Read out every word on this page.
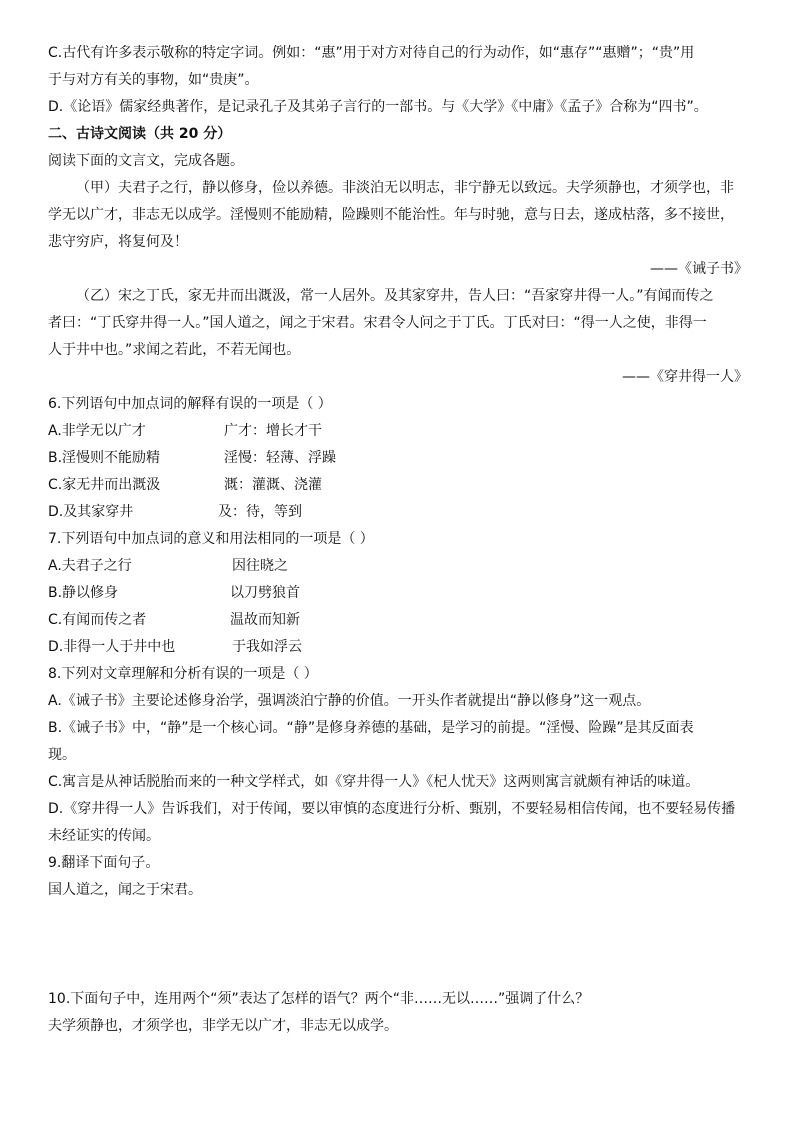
C.古代有许多表示敬称的特定字词。例如：“惠”用于对方对待自己的行为动作，如“惠存”“惠赠”；“贵”用
于与对方有关的事物，如“贵庚”。
D.《论语》儒家经典著作，是记录孔子及其弟子言行的一部书。与《大学》《中庸》《孟子》合称为“四书”。
二、古诗文阅读（共 20 分）
阅读下面的文言文，完成各题。
（甲）夫君子之行，静以修身，俭以养德。非淡泊无以明志，非宁静无以致远。夫学须静也，才须学也，非
学无以广才，非志无以成学。淫慢则不能励精，险躁则不能治性。年与时驰，意与日去，遂成枯落，多不接世，
悲守穷庐，将复何及！
——《诫子书》
（乙）宋之丁氏，家无井而出溉汲，常一人居外。及其家穿井，告人曰：“吾家穿井得一人。”有闻而传之
者曰：“丁氏穿井得一人。”国人道之，闻之于宋君。宋君令人问之于丁氏。丁氏对曰：“得一人之使，非得一
人于井中也。”求闻之若此，不若无闻也。
——《穿井得一人》
6.下列语句中加点词的解释有误的一项是（ ）
A.非学无以广才	广才：增长才干
B.淫慢则不能励精	淫慢：轻薄、浮躁
C.家无井而出溉汲	溉：灌溉、浇灌
D.及其家穿井	及：待，等到
7.下列语句中加点词的意义和用法相同的一项是（ ）
A.夫君子之行	因往晓之
B.静以修身	以刀劈狼首
C.有闻而传之者	温故而知新
D.非得一人于井中也	于我如浮云
8.下列对文章理解和分析有误的一项是（ ）
A.《诫子书》主要论述修身治学，强调淡泊宁静的价值。一开头作者就提出“静以修身”这一观点。
B.《诫子书》中，“静”是一个核心词。“静”是修身养德的基础，是学习的前提。“淫慢、险躁”是其反面表
现。
C.寓言是从神话脱胎而来的一种文学样式，如《穿井得一人》《杞人忧天》这两则寓言就颇有神话的味道。
D.《穿井得一人》告诉我们，对于传闻，要以审慎的态度进行分析、甄别，不要轻易相信传闻，也不要轻易传播
未经证实的传闻。
9.翻译下面句子。
国人道之，闻之于宋君。
10.下面句子中，连用两个“须”表达了怎样的语气？两个“非……无以……”强调了什么？
夫学须静也，才须学也，非学无以广才，非志无以成学。
